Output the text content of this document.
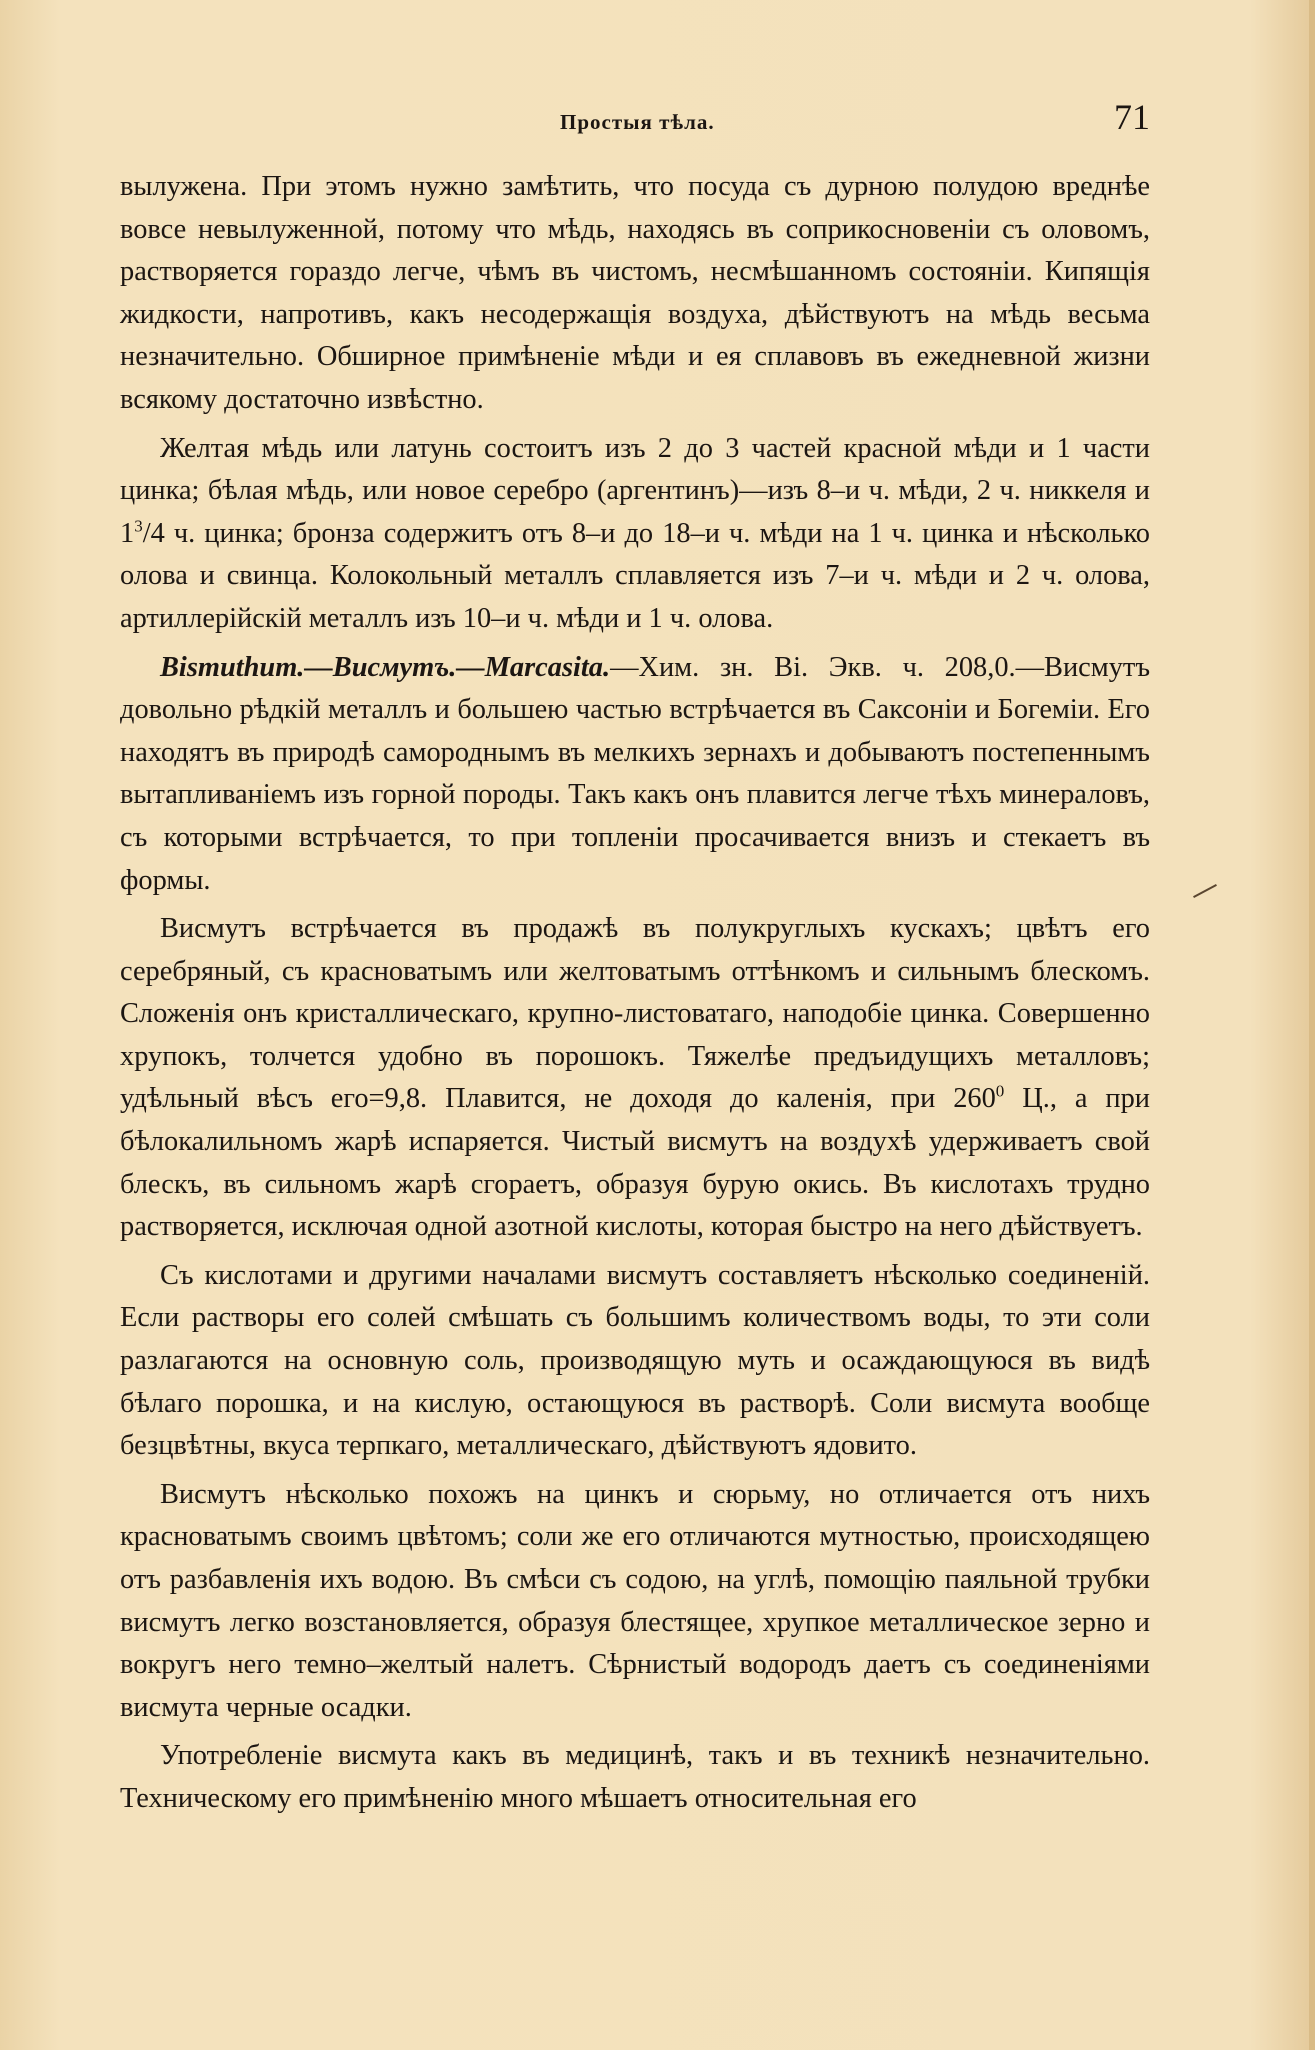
Простыя тѣла.	71

вылужена. При этомъ нужно замѣтить, что посуда съ дурною полудою вреднѣе вовсе невылуженной, потому что мѣдь, находясь въ соприкосновеніи съ оловомъ, растворяется гораздо легче, чѣмъ въ чистомъ, несмѣшанномъ состояніи. Кипящія жидкости, напротивъ, какъ несодержащія воздуха, дѣйствуютъ на мѣдь весьма незначительно. Обширное примѣненіе мѣди и ея сплавовъ въ ежедневной жизни всякому достаточно извѣстно.

Желтая мѣдь или латунь состоитъ изъ 2 до 3 частей красной мѣди и 1 части цинка; бѣлая мѣдь, или новое серебро (аргентинъ)—изъ 8–и ч. мѣди, 2 ч. никкеля и $1^3/4$ ч. цинка; бронза содержитъ отъ 8–и до 18–и ч. мѣди на 1 ч. цинка и нѣсколько олова и свинца. Колокольный металлъ сплавляется изъ 7–и ч. мѣди и 2 ч. олова, артиллерійскій металлъ изъ 10–и ч. мѣди и 1 ч. олова.

Bismuthum.—Висмутъ.—Marcasita.—Хим. зн. Bi. Экв. ч. 208,0.—Висмутъ довольно рѣдкій металлъ и большею частью встрѣчается въ Саксоніи и Богеміи. Его находятъ въ природѣ самороднымъ въ мелкихъ зернахъ и добываютъ постепеннымъ вытапливаніемъ изъ горной породы. Такъ какъ онъ плавится легче тѣхъ минераловъ, съ которыми встрѣчается, то при топленіи просачивается внизъ и стекаетъ въ формы.

Висмутъ встрѣчается въ продажѣ въ полукруглыхъ кускахъ; цвѣтъ его серебряный, съ красноватымъ или желтоватымъ оттѣнкомъ и сильнымъ блескомъ. Сложенія онъ кристаллическаго, крупно-листоватаго, наподобіе цинка. Совершенно хрупокъ, толчется удобно въ порошокъ. Тяжелѣе предъидущихъ металловъ; удѣльный вѣсъ его=9,8. Плавится, не доходя до каленія, при $260^0$ Ц., а при бѣлокалильномъ жарѣ испаряется. Чистый висмутъ на воздухѣ удерживаетъ свой блескъ, въ сильномъ жарѣ сгораетъ, образуя бурую окись. Въ кислотахъ трудно растворяется, исключая одной азотной кислоты, которая быстро на него дѣйствуетъ.

Съ кислотами и другими началами висмутъ составляетъ нѣсколько соединеній. Если растворы его солей смѣшать съ большимъ количествомъ воды, то эти соли разлагаются на основную соль, производящую муть и осаждающуюся въ видѣ бѣлаго порошка, и на кислую, остающуюся въ растворѣ. Соли висмута вообще безцвѣтны, вкуса терпкаго, металлическаго, дѣйствуютъ ядовито.

Висмутъ нѣсколько похожъ на цинкъ и сюрьму, но отличается отъ нихъ красноватымъ своимъ цвѣтомъ; соли же его отличаются мутностью, происходящею отъ разбавленія ихъ водою. Въ смѣси съ содою, на углѣ, помощію паяльной трубки висмутъ легко возстановляется, образуя блестящее, хрупкое металлическое зерно и вокругъ него темно–желтый налетъ. Сѣрнистый водородъ даетъ съ соединеніями висмута черные осадки.

Употребленіе висмута какъ въ медицинѣ, такъ и въ техникѣ незначительно. Техническому его примѣненію много мѣшаетъ относительная его
